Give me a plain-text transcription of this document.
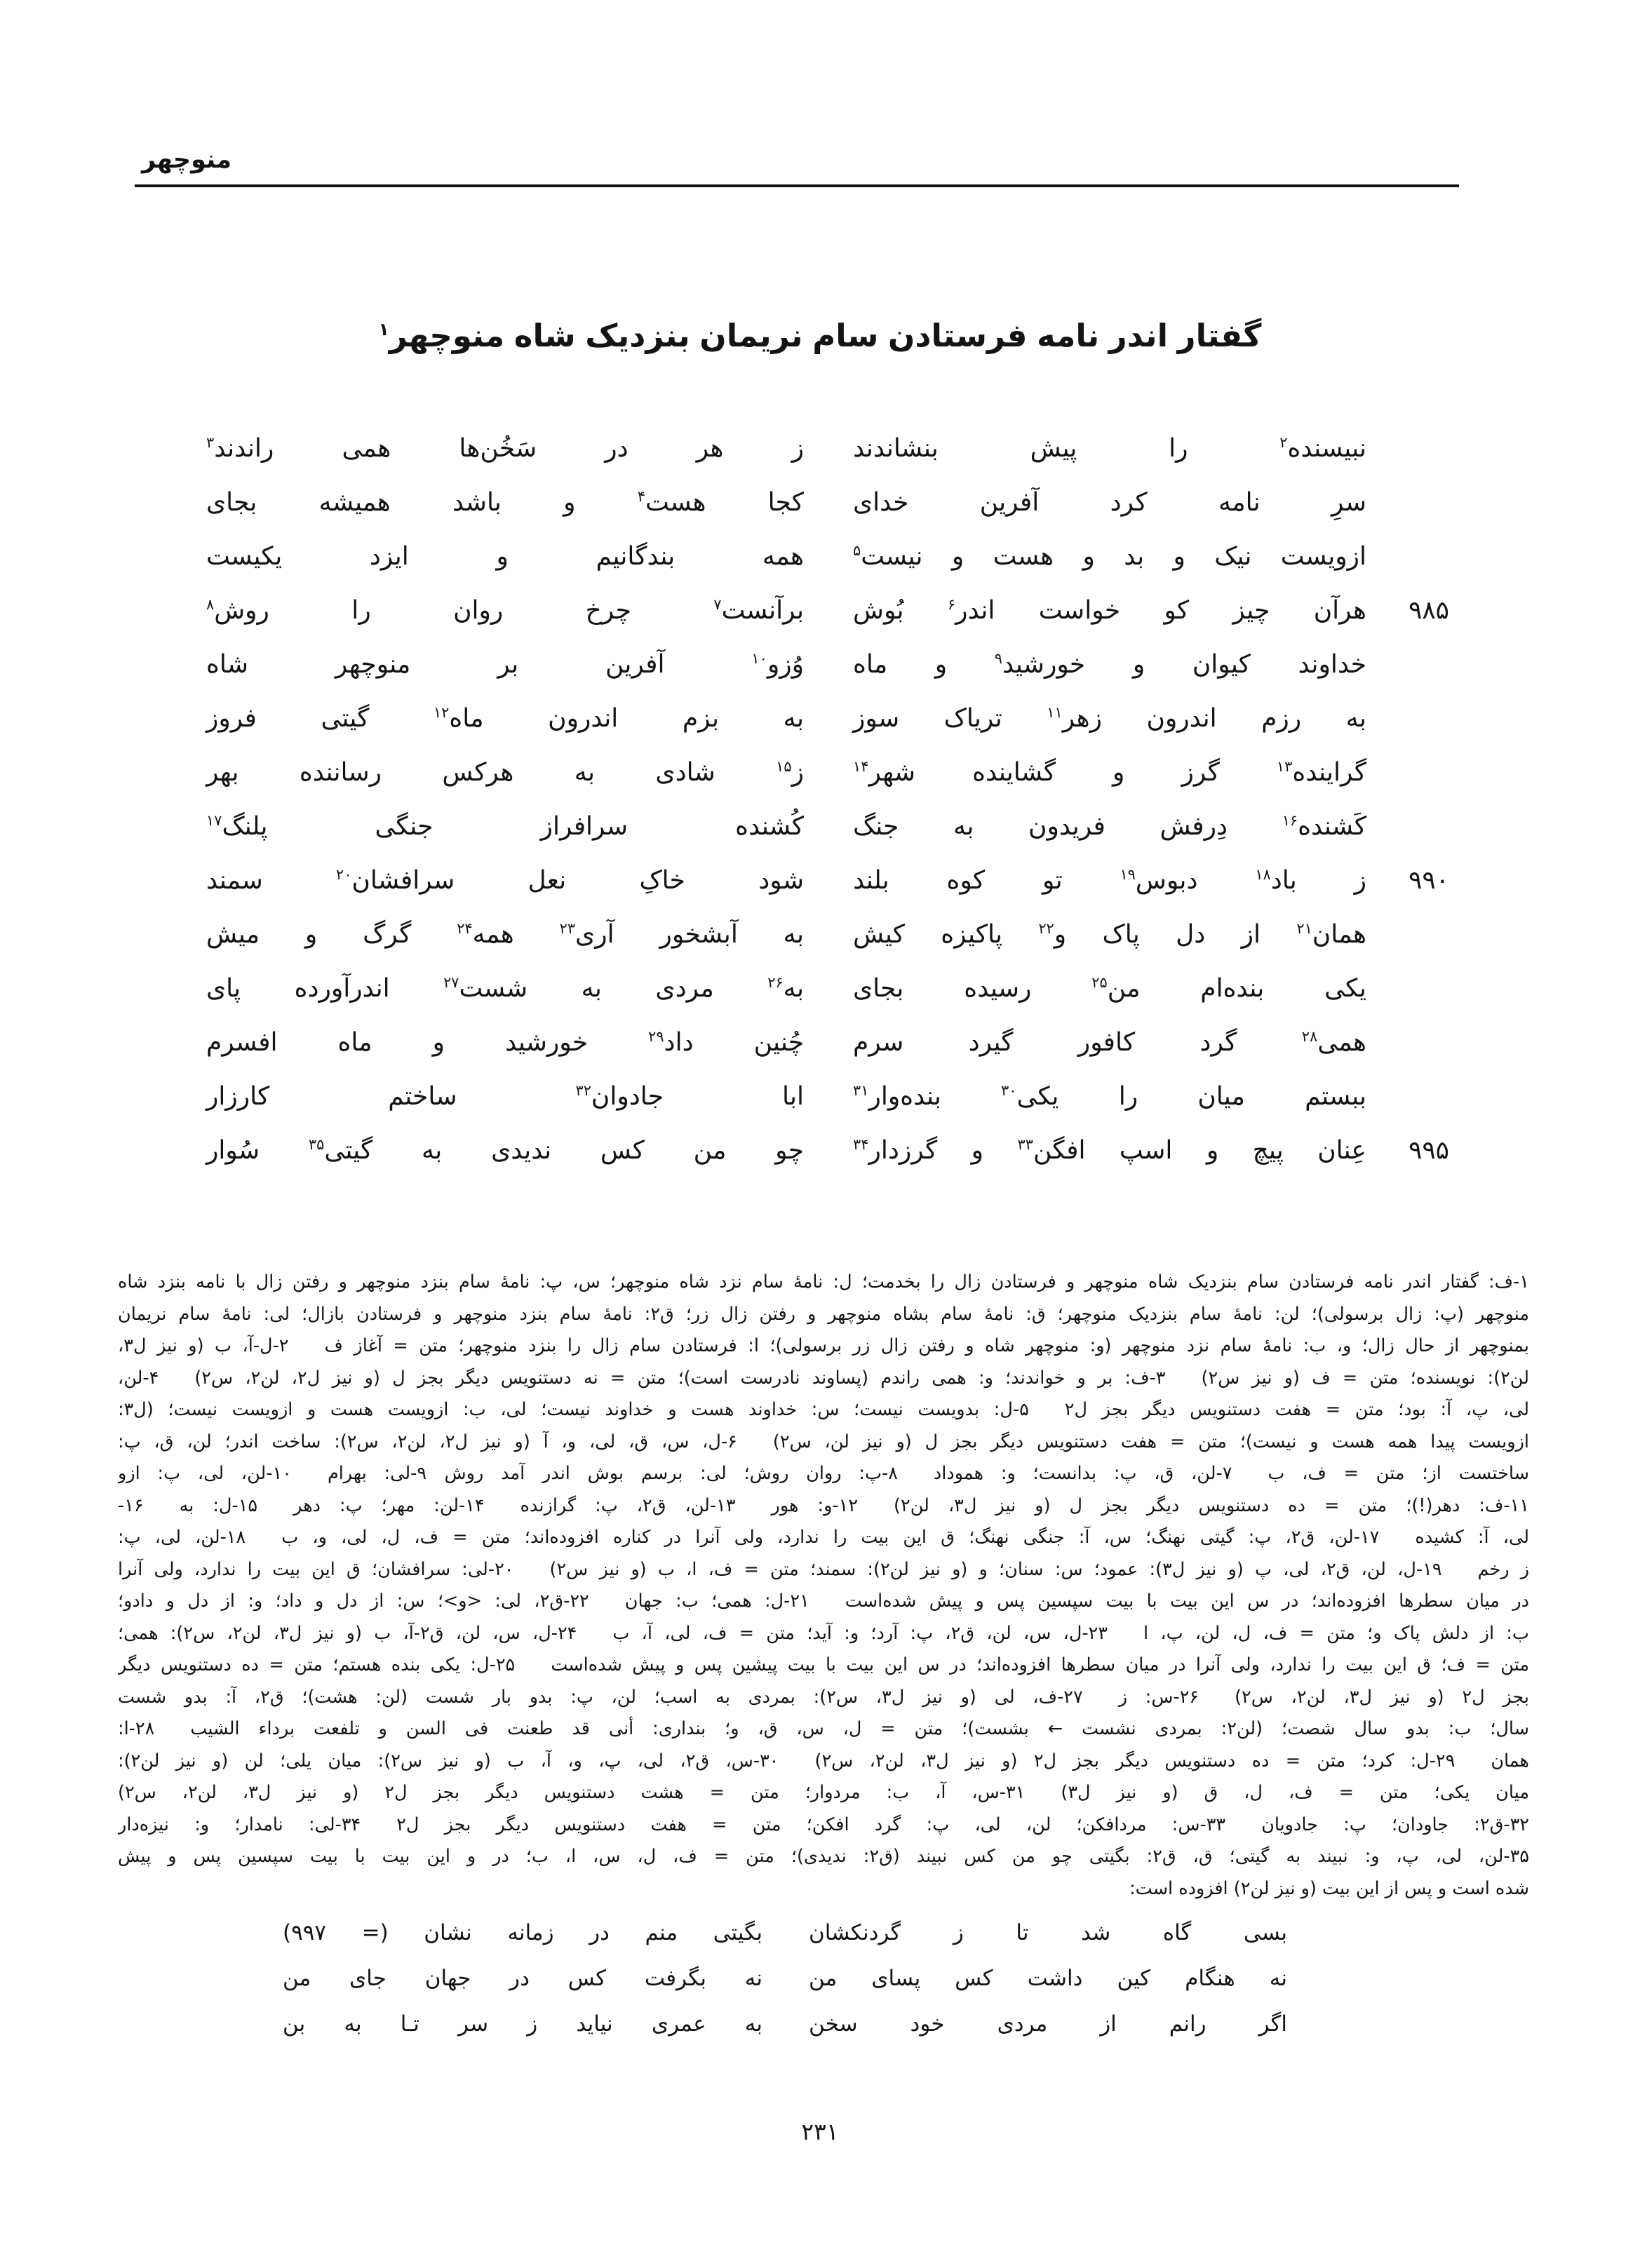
منوچهر
گفتار اندر نامه فرستادن سام نریمان بنزدیک شاه منوچهر$^۱$
نبیسنده$^۲$ را پیش بنشاندند
ز هر در سَخُن‌ها همی راندند$^۳$
سرِ نامه کرد آفرین خدای
کجا هست$^۴$ و باشد همیشه بجای
ازویست نیک و بد و هست و نیست$^۵$
همه بندگانیم و ایزد یکیست
۹۸۵
هرآن چیز کو خواست اندر$^۶$ بُوش
برآنست$^۷$ چرخ روان را روش$^۸$
خداوند کیوان و خورشید$^۹$ و ماه
وُزو$^{۱۰}$ آفرین بر منوچهر شاه
به رزم اندرون زهر$^{۱۱}$ تریاک سوز
به بزم اندرون ماه$^{۱۲}$ گیتی فروز
گراینده$^{۱۳}$ گرز و گشاینده شهر$^{۱۴}$
ز$^{۱۵}$ شادی به هرکس رساننده بهر
کَشنده$^{۱۶}$ دِرفش فریدون به جنگ
کُشنده سرافراز جنگی پلنگ$^{۱۷}$
۹۹۰
ز باد$^{۱۸}$ دبوس$^{۱۹}$ تو کوه بلند
شود خاکِ نعل سرافشان$^{۲۰}$ سمند
همان$^{۲۱}$ از دل پاک و$^{۲۲}$ پاکیزه کیش
به آبشخور آری$^{۲۳}$ همه$^{۲۴}$ گرگ و میش
یکی بنده‌ام من$^{۲۵}$ رسیده بجای
به$^{۲۶}$ مردی به شست$^{۲۷}$ اندرآورده پای
همی$^{۲۸}$ گرد کافور گیرد سرم
چُنین داد$^{۲۹}$ خورشید و ماه افسرم
ببستم میان را یکی$^{۳۰}$ بنده‌وار$^{۳۱}$
ابا جادوان$^{۳۲}$ ساختم کارزار
۹۹۵
عِنان پیچ و اسپ افگن$^{۳۳}$ و گرزدار$^{۳۴}$
چو من کس ندیدی به گیتی$^{۳۵}$ سُوار
۱-ف: گفتار اندر نامه فرستادن سام بنزدیک شاه منوچهر و فرستادن زال را بخدمت؛ ل: نامهٔ سام نزد شاه منوچهر؛ س، پ: نامهٔ سام بنزد منوچهر و رفتن زال با نامه بنزد شاه
منوچهر (پ: زال برسولی)؛ لن: نامهٔ سام بنزدیک منوچهر؛ ق: نامهٔ سام بشاه منوچهر و رفتن زال زر؛ ق۲: نامهٔ سام بنزد منوچهر و فرستادن بازال؛ لی: نامهٔ سام نریمان
بمنوچهر از حال زال؛ و، ب: نامهٔ سام نزد منوچهر (و: منوچهر شاه و رفتن زال زر برسولی)؛ ا: فرستادن سام زال را بنزد منوچهر؛ متن = آغاز ف  ۲-ل-آ، ب (و نیز ل۳،
لن۲): نویسنده؛ متن = ف (و نیز س۲)  ۳-ف: بر و خواندند؛ و: همی راندم (پساوند نادرست است)؛ متن = نه دستنویس دیگر بجز ل (و نیز ل۲، لن۲، س۲)  ۴-لن،
لی، پ، آ: بود؛ متن = هفت دستنویس دیگر بجز ل۲  ۵-ل: بدویست نیست؛ س: خداوند هست و خداوند نیست؛ لی، ب: ازویست هست و ازویست نیست؛ (ل۳:
ازویست پیدا همه هست و نیست)؛ متن = هفت دستنویس دیگر بجز ل (و نیز لن، س۲)  ۶-ل، س، ق، لی، و، آ (و نیز ل۲، لن۲، س۲): ساخت اندر؛ لن، ق، پ:
ساختست از؛ متن = ف، ب  ۷-لن، ق، پ: بدانست؛ و: هموداد  ۸-پ: روان روش؛ لی: برسم بوش اندر آمد روش ۹-لی: بهرام  ۱۰-لن، لی، پ: ازو
۱۱-ف: دهر(!)؛ متن = ده دستنویس دیگر بجز ل (و نیز ل۳، لن۲)  ۱۲-و: هور  ۱۳-لن، ق۲، پ: گرازنده  ۱۴-لن: مهر؛ پ: دهر  ۱۵-ل: به  ۱۶-
لی، آ: کشیده  ۱۷-لن، ق۲، پ: گیتی نهنگ؛ س، آ: جنگی نهنگ؛ ق این بیت را ندارد، ولی آنرا در کناره افزوده‌اند؛ متن = ف، ل، لی، و، ب  ۱۸-لن، لی، پ:
ز رخم  ۱۹-ل، لن، ق۲، لی، پ (و نیز ل۳): عمود؛ س: سنان؛ و (و نیز لن۲): سمند؛ متن = ف، ا، ب (و نیز س۲)  ۲۰-لی: سرافشان؛ ق این بیت را ندارد، ولی آنرا
در میان سطرها افزوده‌اند؛ در س این بیت با بیت سپسین پس و پیش شده‌است  ۲۱-ل: همی؛ ب: جهان  ۲۲-ق۲، لی: <و>؛ س: از دل و داد؛ و: از دل و دادو؛
ب: از دلش پاک و؛ متن = ف، ل، لن، پ، ا  ۲۳-ل، س، لن، ق۲، پ: آرد؛ و: آید؛ متن = ف، لی، آ، ب  ۲۴-ل، س، لن، ق۲-آ، ب (و نیز ل۳، لن۲، س۲): همی؛
متن = ف؛ ق این بیت را ندارد، ولی آنرا در میان سطرها افزوده‌اند؛ در س این بیت با بیت پیشین پس و پیش شده‌است  ۲۵-ل: یکی بنده هستم؛ متن = ده دستنویس دیگر
بجز ل۲ (و نیز ل۳، لن۲، س۲)  ۲۶-س: ز  ۲۷-ف، لی (و نیز ل۳، س۲): بمردی به اسب؛ لن، پ: بدو بار شست (لن: هشت)؛ ق۲، آ: بدو شست
سال؛ ب: بدو سال شصت؛ (لن۲: بمردی نشست ← بشست)؛ متن = ل، س، ق، و؛ بنداری: أنی قد طعنت فی السن و تلفعت برداء الشیب  ۲۸-ا:
همان  ۲۹-ل: کرد؛ متن = ده دستنویس دیگر بجز ل۲ (و نیز ل۳، لن۲، س۲)  ۳۰-س، ق۲، لی، پ، و، آ، ب (و نیز س۲): میان یلی؛ لن (و نیز لن۲):
میان یکی؛ متن = ف، ل، ق (و نیز ل۳)  ۳۱-س، آ، ب: مردوار؛ متن = هشت دستنویس دیگر بجز ل۲ (و نیز ل۳، لن۲، س۲)
۳۲-ق۲: جاودان؛ پ: جادویان  ۳۳-س: مردافکن؛ لن، لی، پ: گرد افکن؛ متن = هفت دستنویس دیگر بجز ل۲  ۳۴-لی: نامدار؛ و: نیزه‌دار
۳۵-لن، لی، پ، و: نبیند به گیتی؛ ق، ق۲: بگیتی چو من کس نبیند (ق۲: ندیدی)؛ متن = ف، ل، س، ا، ب؛ در و این بیت با بیت سپسین پس و پیش
شده است و پس از این بیت (و نیز لن۲) افزوده است:
بسی گاه شد تا ز گردنکشان
بگیتی منم در زمانه نشان (= ۹۹۷)
نه هنگام کین داشت کس پسای من
نه بگرفت کس در جهان جای من
اگر رانم از مردی خود سخن
به عمری نیاید ز سر تـا به بن
۲۳۱
